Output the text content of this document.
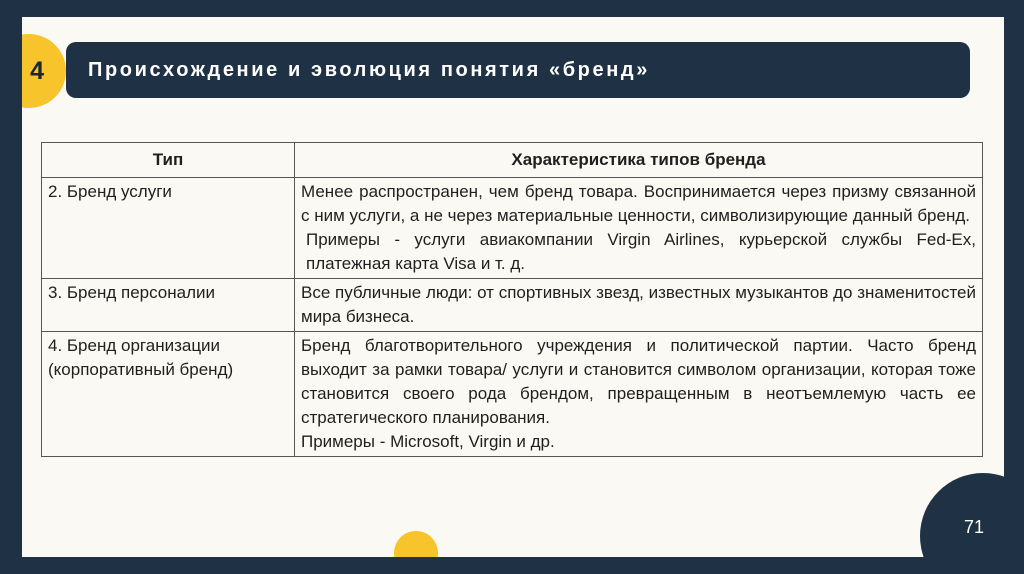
4	Происхождение и эволюция понятия «бренд»
Тип	Характеристика типов бренда
2. Бренд услуги	Менее распространен, чем бренд товара. Воспринимается через призму связанной с ним услуги, а не через материальные ценности, символизирующие данный бренд.
Примеры - услуги авиакомпании Virgin Airlines, курьерской службы Fed-Ex, платежная карта Visa и т. д.

3. Бренд персоналии	Все публичные люди: от спортивных звезд, известных музыкантов до знаменитостей мира бизнеса.

4. Бренд организации (корпоративный бренд)	Бренд благотворительного учреждения и политической партии. Часто бренд выходит за рамки товара/ услуги и становится символом организации, которая тоже становится своего рода брендом, превращенным в неотъемлемую часть ее стратегического планирования.
Примеры - Microsoft, Virgin и др.
71
